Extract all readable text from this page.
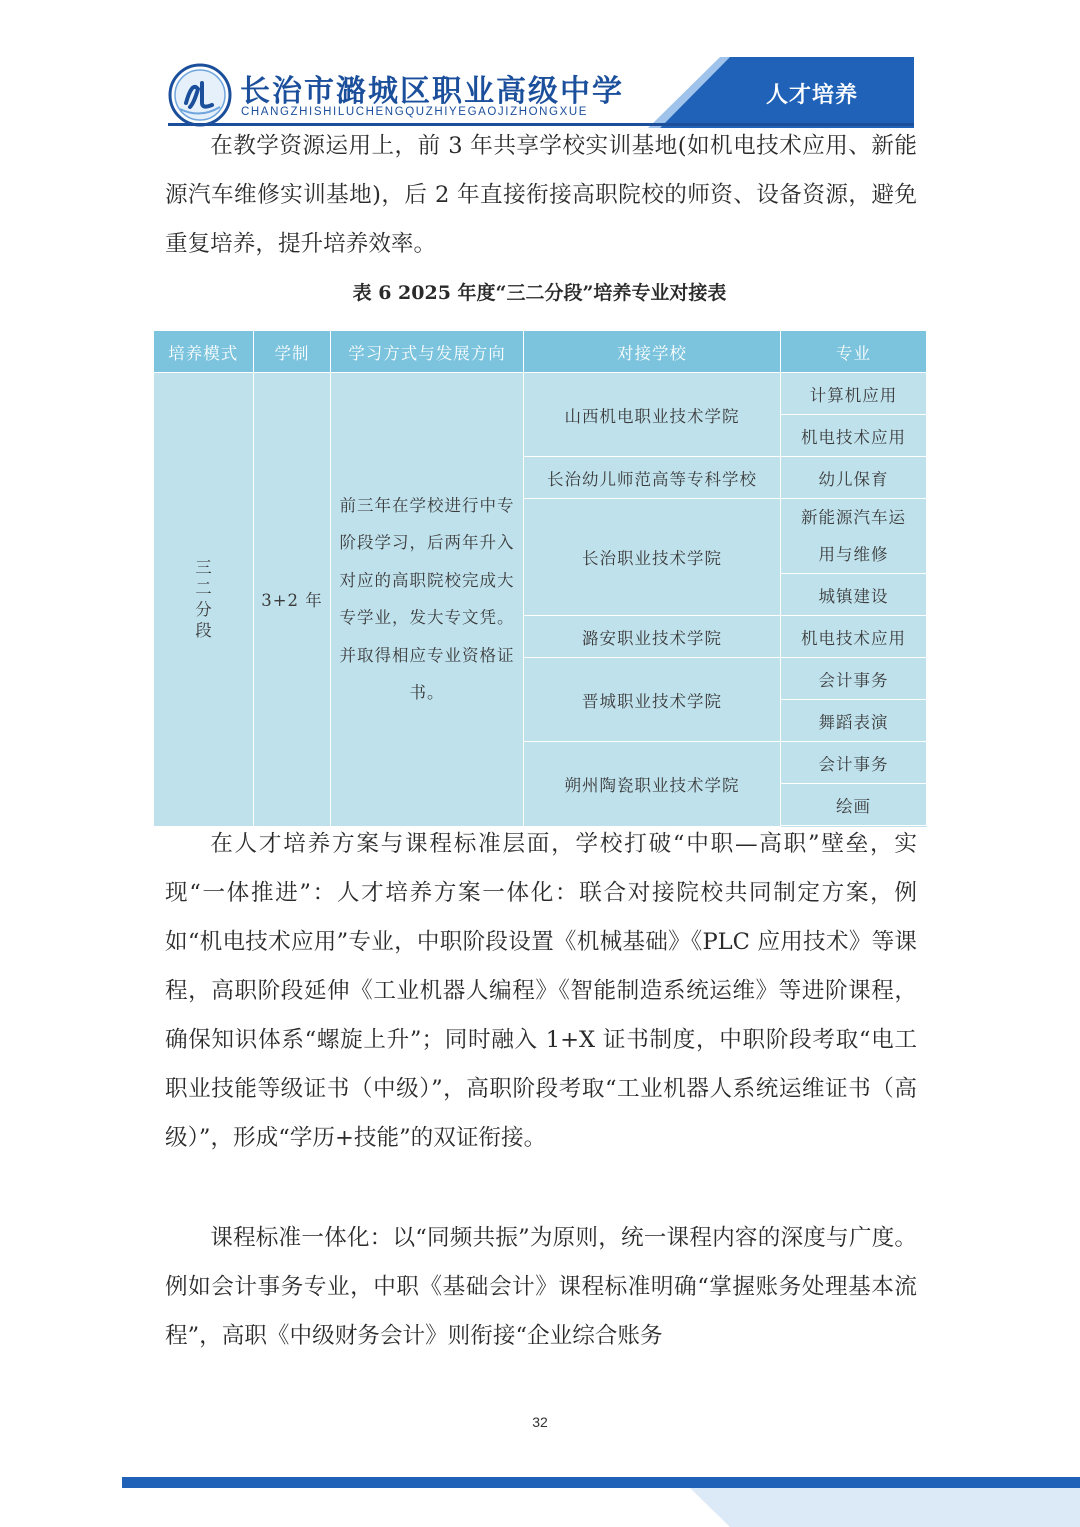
人才培养
长治市潞城区职业高级中学

CHANGZHISHILUCHENGQUZHIYEGAOJIZHONGXUE

在教学资源运用上，前 3 年共享学校实训基地(如机电技术应用、新能源汽车维修实训基地)，后 2 年直接衔接高职院校的师资、设备资源，避免重复培养，提升培养效率。

表 6 2025 年度“三二分段”培养专业对接表

培养模式	学制	学习方式与发展方向	对接学校	专业
三二分段	3+2 年	前三年在学校进行中专阶段学习，后两年升入对应的高职院校完成大专学业，发大专文凭。并取得相应专业资格证书。	山西机电职业技术学院	计算机应用
				机电技术应用
			长治幼儿师范高等专科学校	幼儿保育
			长治职业技术学院	新能源汽车运用与维修
				城镇建设
			潞安职业技术学院	机电技术应用
			晋城职业技术学院	会计事务
				舞蹈表演
			朔州陶瓷职业技术学院	会计事务
				绘画

在人才培养方案与课程标准层面，学校打破“中职—高职”壁垒，实现“一体推进”：人才培养方案一体化：联合对接院校共同制定方案，例如“机电技术应用”专业，中职阶段设置《机械基础》《PLC 应用技术》等课程，高职阶段延伸《工业机器人编程》《智能制造系统运维》等进阶课程，确保知识体系“螺旋上升”；同时融入 1+X 证书制度，中职阶段考取“电工职业技能等级证书（中级）”，高职阶段考取“工业机器人系统运维证书（高级）”，形成“学历+技能”的双证衔接。

课程标准一体化：以“同频共振”为原则，统一课程内容的深度与广度。例如会计事务专业，中职《基础会计》课程标准明确“掌握账务处理基本流程”，高职《中级财务会计》则衔接“企业综合账务

32
